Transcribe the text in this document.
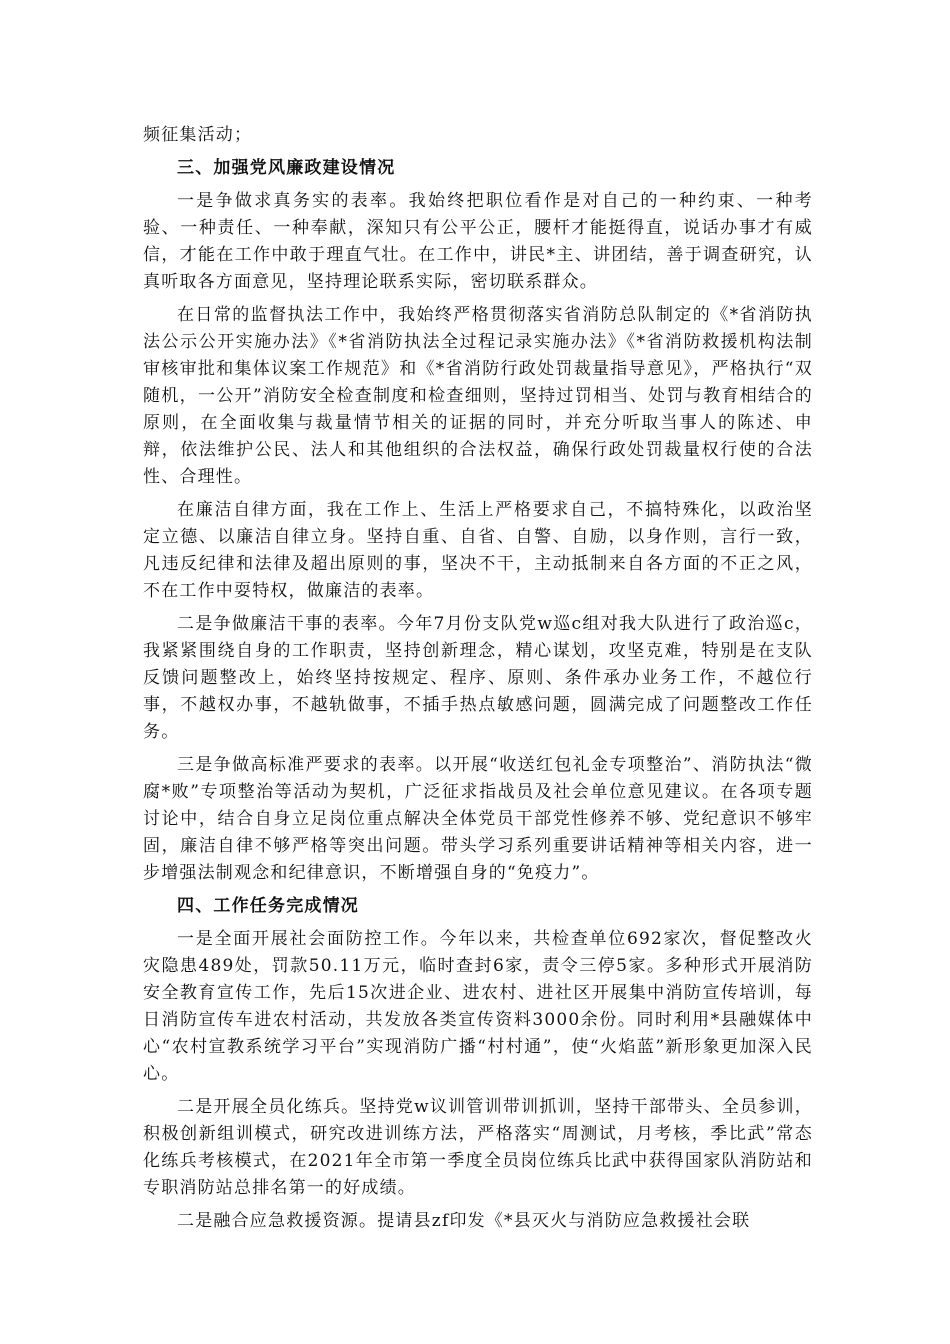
频征集活动；

三、加强党风廉政建设情况

一是争做求真务实的表率。我始终把职位看作是对自己的一种约束、一种考验、一种责任、一种奉献，深知只有公平公正，腰杆才能挺得直，说话办事才有威信，才能在工作中敢于理直气壮。在工作中，讲民*主、讲团结，善于调查研究，认真听取各方面意见，坚持理论联系实际，密切联系群众。

在日常的监督执法工作中，我始终严格贯彻落实省消防总队制定的《*省消防执法公示公开实施办法》《*省消防执法全过程记录实施办法》《*省消防救援机构法制审核审批和集体议案工作规范》和《*省消防行政处罚裁量指导意见》，严格执行“双随机，一公开”消防安全检查制度和检查细则，坚持过罚相当、处罚与教育相结合的原则，在全面收集与裁量情节相关的证据的同时，并充分听取当事人的陈述、申辩，依法维护公民、法人和其他组织的合法权益，确保行政处罚裁量权行使的合法性、合理性。

在廉洁自律方面，我在工作上、生活上严格要求自己，不搞特殊化，以政治坚定立德、以廉洁自律立身。坚持自重、自省、自警、自励，以身作则，言行一致，凡违反纪律和法律及超出原则的事，坚决不干，主动抵制来自各方面的不正之风，不在工作中耍特权，做廉洁的表率。

二是争做廉洁干事的表率。今年7月份支队党w巡c组对我大队进行了政治巡c，我紧紧围绕自身的工作职责，坚持创新理念，精心谋划，攻坚克难，特别是在支队反馈问题整改上，始终坚持按规定、程序、原则、条件承办业务工作，不越位行事，不越权办事，不越轨做事，不插手热点敏感问题，圆满完成了问题整改工作任务。

三是争做高标准严要求的表率。以开展“收送红包礼金专项整治”、消防执法“微腐*败”专项整治等活动为契机，广泛征求指战员及社会单位意见建议。在各项专题讨论中，结合自身立足岗位重点解决全体党员干部党性修养不够、党纪意识不够牢固，廉洁自律不够严格等突出问题。带头学习系列重要讲话精神等相关内容，进一步增强法制观念和纪律意识，不断增强自身的“免疫力”。

四、工作任务完成情况

一是全面开展社会面防控工作。今年以来，共检查单位692家次，督促整改火灾隐患489处，罚款50.11万元，临时查封6家，责令三停5家。多种形式开展消防安全教育宣传工作，先后15次进企业、进农村、进社区开展集中消防宣传培训，每日消防宣传车进农村活动，共发放各类宣传资料3000余份。同时利用*县融媒体中心“农村宣教系统学习平台”实现消防广播“村村通”，使“火焰蓝”新形象更加深入民心。

二是开展全员化练兵。坚持党w议训管训带训抓训，坚持干部带头、全员参训，积极创新组训模式，研究改进训练方法，严格落实“周测试，月考核，季比武”常态化练兵考核模式，在2021年全市第一季度全员岗位练兵比武中获得国家队消防站和专职消防站总排名第一的好成绩。

二是融合应急救援资源。提请县zf印发《*县灭火与消防应急救援社会联
